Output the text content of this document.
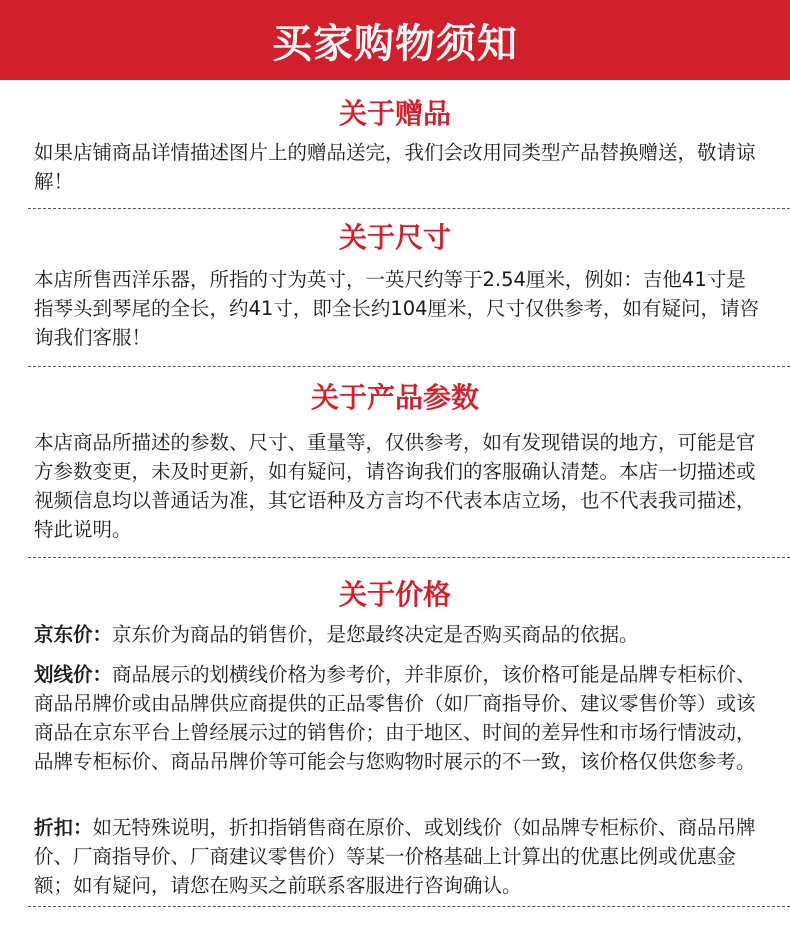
买家购物须知
关于赠品

如果店铺商品详情描述图片上的赠品送完，我们会改用同类型产品替换赠送，敬请谅解！

关于尺寸

本店所售西洋乐器，所指的寸为英寸，一英尺约等于2.54厘米，例如：吉他41寸是指琴头到琴尾的全长，约41寸，即全长约104厘米，尺寸仅供参考，如有疑问，请咨询我们客服！

关于产品参数

本店商品所描述的参数、尺寸、重量等，仅供参考，如有发现错误的地方，可能是官方参数变更，未及时更新，如有疑问，请咨询我们的客服确认清楚。本店一切描述或视频信息均以普通话为准，其它语种及方言均不代表本店立场，也不代表我司描述，特此说明。

关于价格

京东价：京东价为商品的销售价，是您最终决定是否购买商品的依据。

划线价：商品展示的划横线价格为参考价，并非原价，该价格可能是品牌专柜标价、商品吊牌价或由品牌供应商提供的正品零售价（如厂商指导价、建议零售价等）或该商品在京东平台上曾经展示过的销售价；由于地区、时间的差异性和市场行情波动，品牌专柜标价、商品吊牌价等可能会与您购物时展示的不一致，该价格仅供您参考。

折扣：如无特殊说明，折扣指销售商在原价、或划线价（如品牌专柜标价、商品吊牌价、厂商指导价、厂商建议零售价）等某一价格基础上计算出的优惠比例或优惠金额；如有疑问，请您在购买之前联系客服进行咨询确认。
